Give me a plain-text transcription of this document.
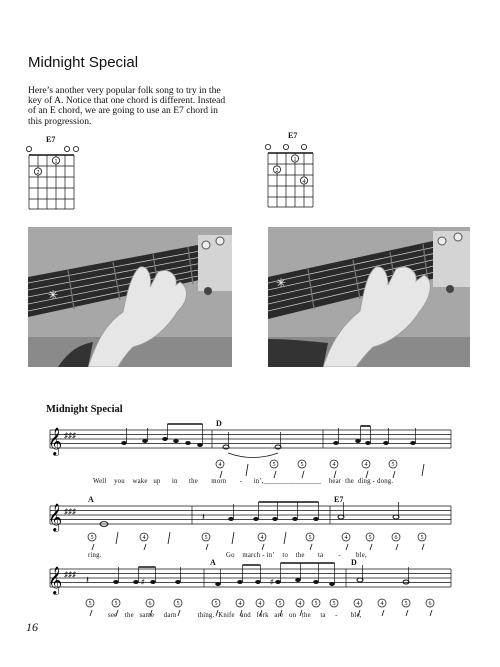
Midnight Special
Here’s another very popular folk song to try in the
key of A. Notice that one chord is different. Instead
of an E chord, we are going to use an E7 chord in
this progression.
E7
1
2
E7
1
2
4
✳
✳
Midnight Special
D
𝄞 ♯♯♯
4	5	5	4	5
4
Well you wake up in the morn - in’,________________ hear the ding - dong.
A	E7
𝄞 ♯♯♯
𝄽
5	4	5	4	5	4	5	6	5
ring.	Go march - in’ to the ta - ble,
A	D
𝄞 ♯♯♯
𝄽	♯	♯
5	5	6	5	5	4	4	5	4 5	5	4	4	5	6
see the same darn	thing. Knife and fork are on the ta - ble,
16
